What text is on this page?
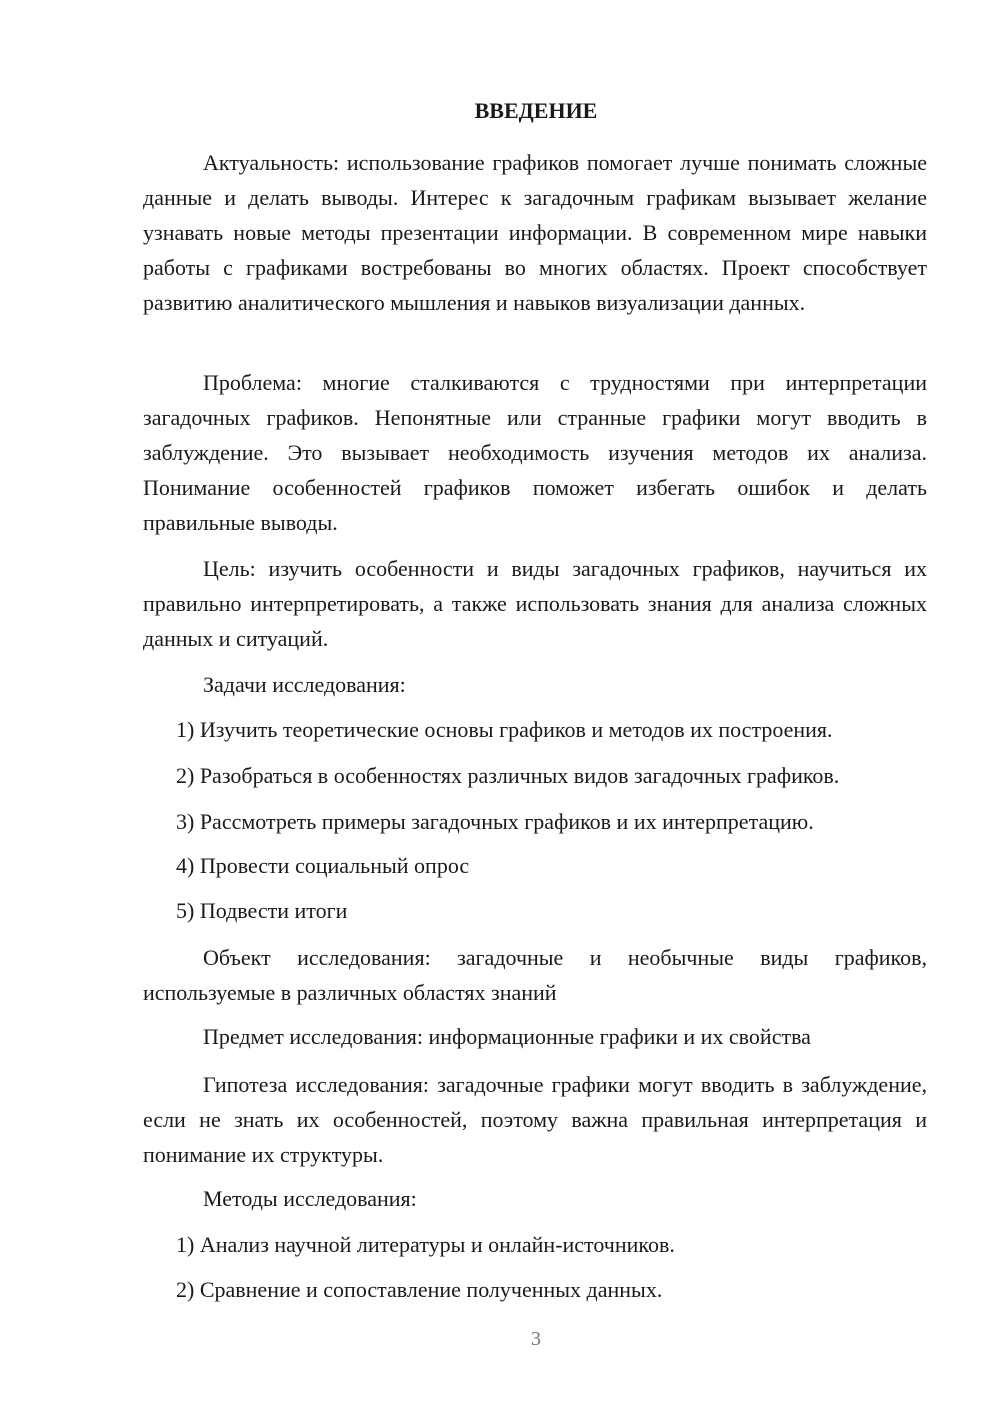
ВВЕДЕНИЕ

Актуальность: использование графиков помогает лучше понимать сложные данные и делать выводы. Интерес к загадочным графикам вызывает желание узнавать новые методы презентации информации. В современном мире навыки работы с графиками востребованы во многих областях. Проект способствует развитию аналитического мышления и навыков визуализации данных.

Проблема: многие сталкиваются с трудностями при интерпретации загадочных графиков. Непонятные или странные графики могут вводить в заблуждение. Это вызывает необходимость изучения методов их анализа. Понимание особенностей графиков поможет избегать ошибок и делать правильные выводы.

Цель: изучить особенности и виды загадочных графиков, научиться их правильно интерпретировать, а также использовать знания для анализа сложных данных и ситуаций.

Задачи исследования:
1) Изучить теоретические основы графиков и методов их построения.
2) Разобраться в особенностях различных видов загадочных графиков.
3) Рассмотреть примеры загадочных графиков и их интерпретацию.
4) Провести социальный опрос
5) Подвести итоги

Объект исследования: загадочные и необычные виды графиков, используемые в различных областях знаний

Предмет исследования: информационные графики и их свойства

Гипотеза исследования: загадочные графики могут вводить в заблуждение, если не знать их особенностей, поэтому важна правильная интерпретация и понимание их структуры.

Методы исследования:
1) Анализ научной литературы и онлайн-источников.
2) Сравнение и сопоставление полученных данных.
3
